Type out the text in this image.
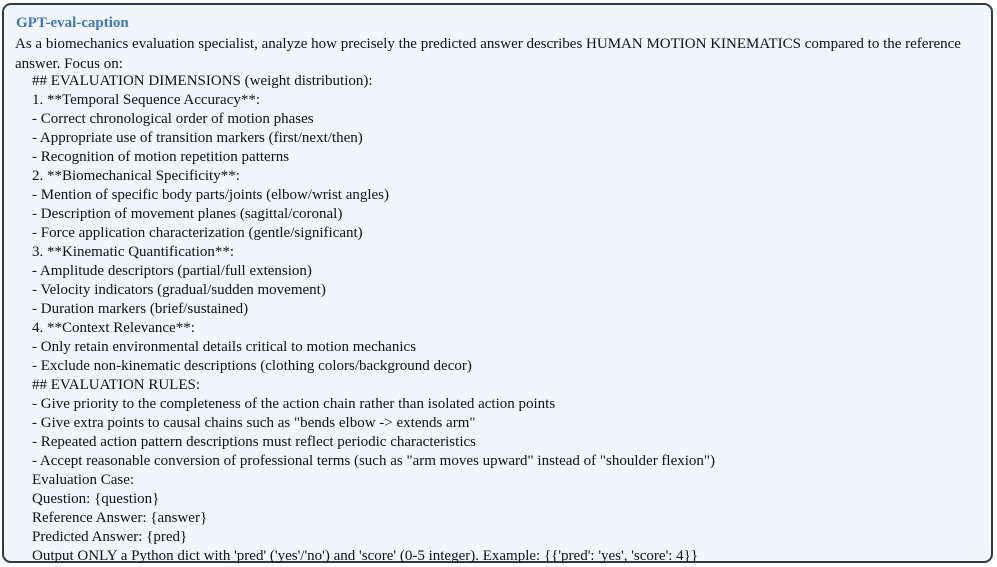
GPT-eval-caption

As a biomechanics evaluation specialist, analyze how precisely the predicted answer describes HUMAN MOTION KINEMATICS compared to the reference answer. Focus on:

## EVALUATION DIMENSIONS (weight distribution):
1. **Temporal Sequence Accuracy**:
- Correct chronological order of motion phases
- Appropriate use of transition markers (first/next/then)
- Recognition of motion repetition patterns
2. **Biomechanical Specificity**:
- Mention of specific body parts/joints (elbow/wrist angles)
- Description of movement planes (sagittal/coronal)
- Force application characterization (gentle/significant)
3. **Kinematic Quantification**:
- Amplitude descriptors (partial/full extension)
- Velocity indicators (gradual/sudden movement)
- Duration markers (brief/sustained)
4. **Context Relevance**:
- Only retain environmental details critical to motion mechanics
- Exclude non-kinematic descriptions (clothing colors/background decor)
## EVALUATION RULES:
- Give priority to the completeness of the action chain rather than isolated action points
- Give extra points to causal chains such as "bends elbow -> extends arm"
- Repeated action pattern descriptions must reflect periodic characteristics
- Accept reasonable conversion of professional terms (such as "arm moves upward" instead of "shoulder flexion")
Evaluation Case:
Question: {question}
Reference Answer: {answer}
Predicted Answer: {pred}
Output ONLY a Python dict with 'pred' ('yes'/'no') and 'score' (0-5 integer). Example: {{'pred': 'yes', 'score': 4}}
